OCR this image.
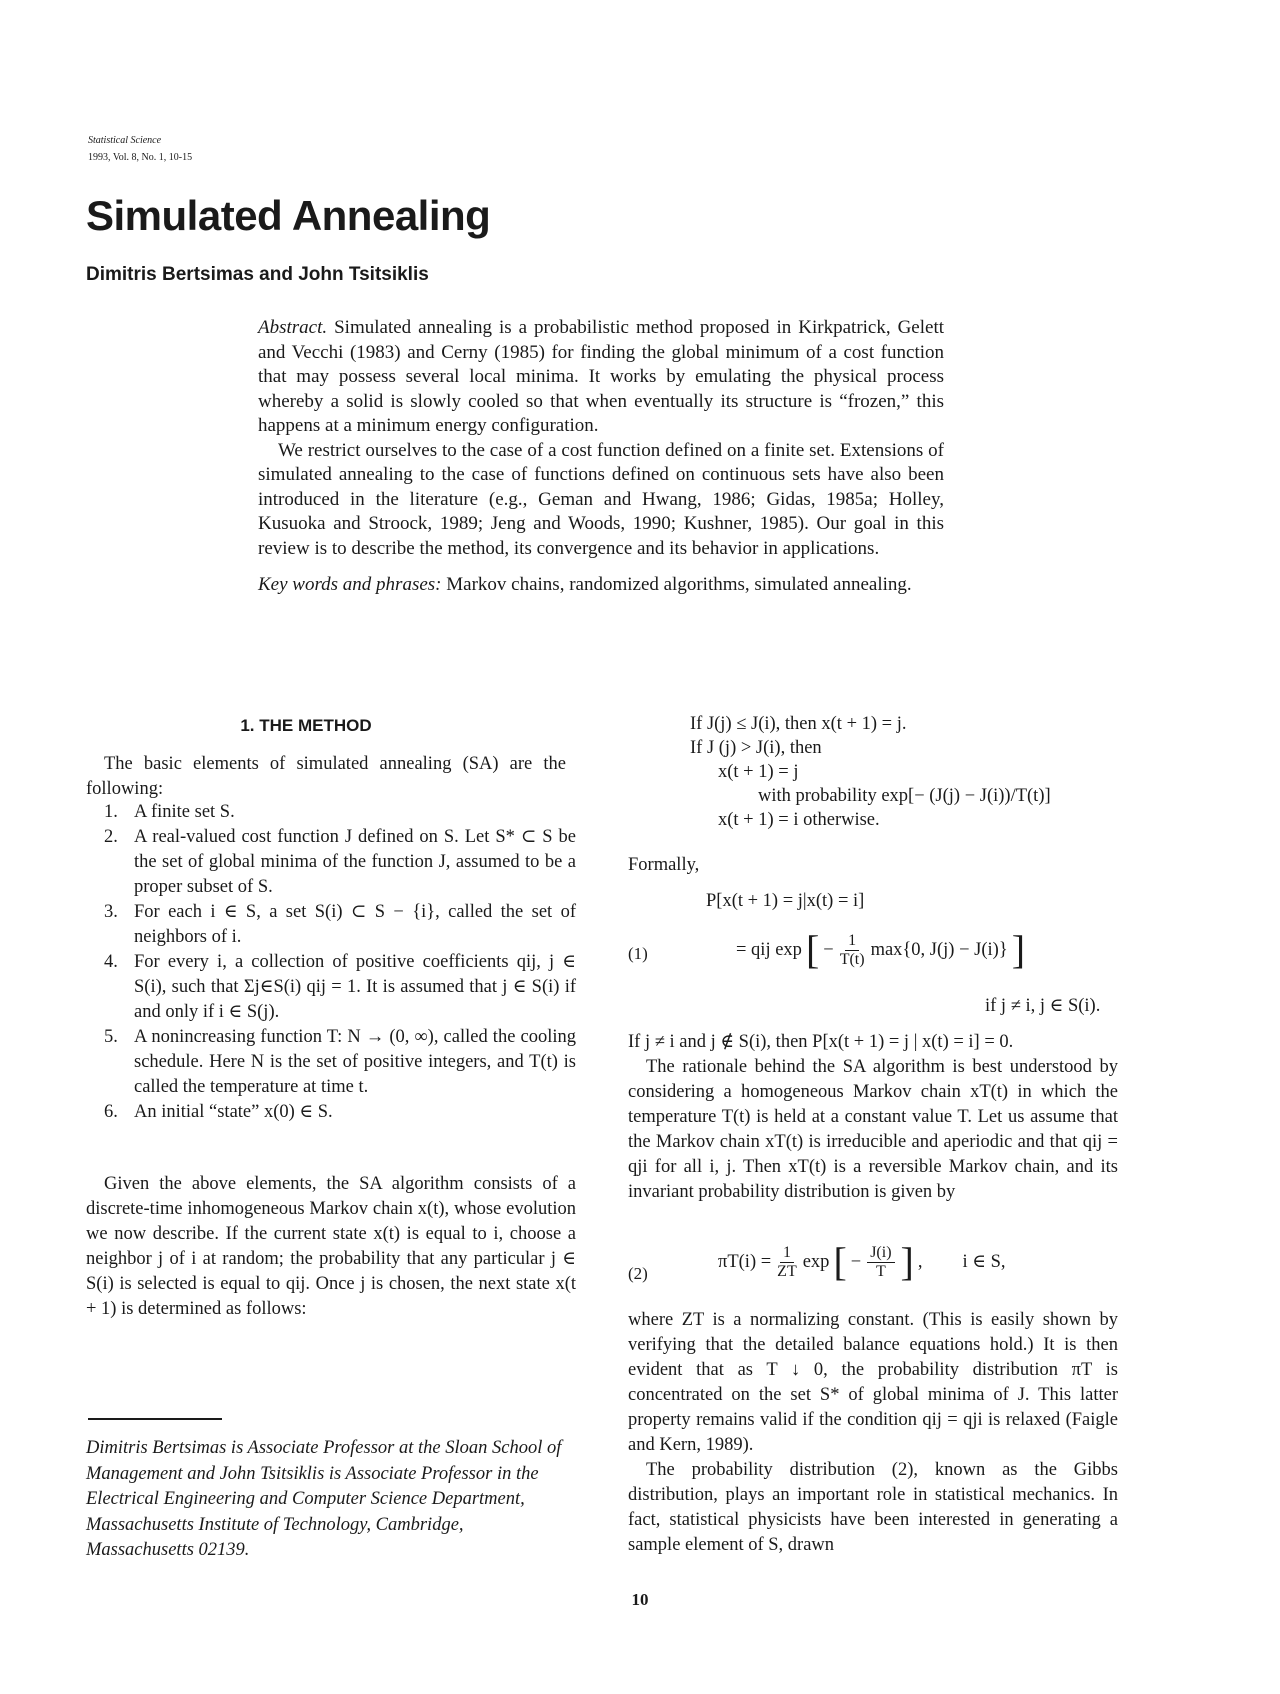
Statistical Science
1993, Vol. 8, No. 1, 10-15
Simulated Annealing
Dimitris Bertsimas and John Tsitsiklis

Abstract. Simulated annealing is a probabilistic method proposed in Kirkpatrick, Gelett and Vecchi (1983) and Cerny (1985) for finding the global minimum of a cost function that may possess several local minima. It works by emulating the physical process whereby a solid is slowly cooled so that when eventually its structure is “frozen,” this happens at a minimum energy configuration.

We restrict ourselves to the case of a cost function defined on a finite set. Extensions of simulated annealing to the case of functions defined on continuous sets have also been introduced in the literature (e.g., Geman and Hwang, 1986; Gidas, 1985a; Holley, Kusuoka and Stroock, 1989; Jeng and Woods, 1990; Kushner, 1985). Our goal in this review is to describe the method, its convergence and its behavior in applications.

Key words and phrases: Markov chains, randomized algorithms, simulated annealing.

1. THE METHOD
The basic elements of simulated annealing (SA) are the following:
1. A finite set S.
2. A real-valued cost function J defined on S. Let S* ⊂ S be the set of global minima of the function J, assumed to be a proper subset of S.
3. For each i ∈ S, a set S(i) ⊂ S − {i}, called the set of neighbors of i.
4. For every i, a collection of positive coefficients qij, j ∈ S(i), such that Σj∈S(i) qij = 1. It is assumed that j ∈ S(i) if and only if i ∈ S(j).
5. A nonincreasing function T: N → (0, ∞), called the cooling schedule. Here N is the set of positive integers, and T(t) is called the temperature at time t.
6. An initial “state” x(0) ∈ S.
Given the above elements, the SA algorithm consists of a discrete-time inhomogeneous Markov chain x(t), whose evolution we now describe. If the current state x(t) is equal to i, choose a neighbor j of i at random; the probability that any particular j ∈ S(i) is selected is equal to qij. Once j is chosen, the next state x(t + 1) is determined as follows:
Dimitris Bertsimas is Associate Professor at the Sloan School of Management and John Tsitsiklis is Associate Professor in the Electrical Engineering and Computer Science Department, Massachusetts Institute of Technology, Cambridge, Massachusetts 02139.
If J(j) ≤ J(i), then x(t + 1) = j.
If J (j) > J(i), then
x(t + 1) = j
with probability exp[− (J(j) − J(i))/T(t)]
x(t + 1) = i otherwise.
Formally,
P[x(t + 1) = j|x(t) = i]
(1)	= qij exp [ − $\frac{1}{T(t)} \max\{0$, J(j) − J(i)} ]
if j ≠ i, j ∈ S(i).

If j ≠ i and j ∉ S(i), then P[x(t + 1) = j | x(t) = i] = 0.

The rationale behind the SA algorithm is best understood by considering a homogeneous Markov chain xT(t) in which the temperature T(t) is held at a constant value T. Let us assume that the Markov chain xT(t) is irreducible and aperiodic and that qij = qji for all i, j. Then xT(t) is a reversible Markov chain, and its invariant probability distribution is given by

(2)
$\pi T(i) = \frac{1}{ZT}$ exp [ − $\frac{J(i)}{T}$ ] , i ∈ S,

where ZT is a normalizing constant. (This is easily shown by verifying that the detailed balance equations hold.) It is then evident that as T ↓ 0, the probability distribution πT is concentrated on the set S* of global minima of J. This latter property remains valid if the condition qij = qji is relaxed (Faigle and Kern, 1989).

The probability distribution (2), known as the Gibbs distribution, plays an important role in statistical mechanics. In fact, statistical physicists have been interested in generating a sample element of S, drawn

10
